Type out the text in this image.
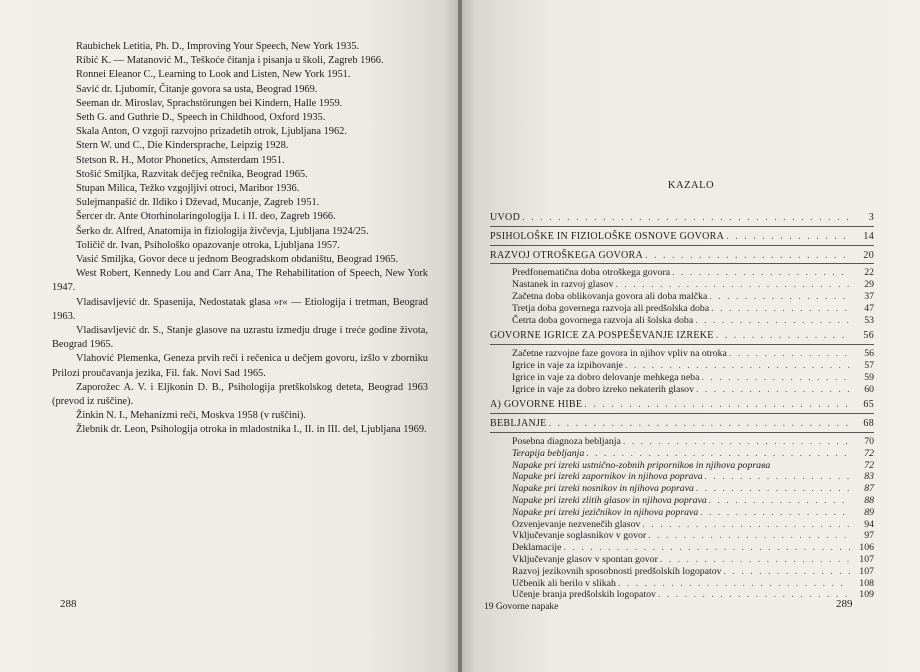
Raubichek Letitia, Ph. D., Improving Your Speech, New York 1935.

Ribić K. — Matanović M., Teškoće čitanja i pisanja u školi, Zagreb 1966.

Ronnei Eleanor C., Learning to Look and Listen, New York 1951.

Savić dr. Ljubomir, Čitanje govora sa usta, Beograd 1969.

Seeman dr. Miroslav, Sprachstörungen bei Kindern, Halle 1959.

Seth G. and Guthrie D., Speech in Childhood, Oxford 1935.

Skala Anton, O vzgoji razvojno prizadetih otrok, Ljubljana 1962.

Stern W. und C., Die Kindersprache, Leipzig 1928.

Stetson R. H., Motor Phonetics, Amsterdam 1951.

Stošić Smiljka, Razvitak dečjeg rečnika, Beograd 1965.

Stupan Milica, Težko vzgojljivi otroci, Maribor 1936.

Sulejmanpašić dr. Ildiko i Dževad, Mucanje, Zagreb 1951.

Šercer dr. Ante Otorhinolaringologija I. i II. deo, Zagreb 1966.

Šerko dr. Alfred, Anatomija in fiziologija živčevja, Ljubljana 1924/25.

Toličič dr. Ivan, Psihološko opazovanje otroka, Ljubljana 1957.

Vasić Smiljka, Govor dece u jednom Beogradskom obdaništu, Beograd 1965.

West Robert, Kennedy Lou and Carr Ana, The Rehabilitation of Speech, New York 1947.

Vladisavljević dr. Spasenija, Nedostatak glasa »r« — Etiologija i tretman, Beograd 1963.

Vladisavljević dr. S., Stanje glasove na uzrastu izmedju druge i treće godine života, Beograd 1965.

Vlahović Plemenka, Geneza prvih reči i rečenica u dečjem govoru, izšlo v zborniku Prilozi proučavanja jezika, Fil. fak. Novi Sad 1965.

Zaporožec A. V. i Eljkonin D. B., Psihologija pretškolskog deteta, Beograd 1963 (prevod iz ruščine).

Žinkin N. I., Mehanizmi reči, Moskva 1958 (v ruščini).

Žlebnik dr. Leon, Psihologija otroka in mladostnika I., II. in III. del, Ljubljana 1969.

288
KAZALO
UVOD . . .	3
PSIHOLOŠKE IN FIZIOLOŠKE OSNOVE GOVORA . . .	14
RAZVOJ OTROŠKEGA GOVORA . . .	20
Predfonematična doba otroškega govora . . .	22
Nastanek in razvoj glasov . . .	29
Začetna doba oblikovanja govora ali doba malčka . . .	37
Tretja doba governega razvoja ali predšolska doba . . .	47
Četrta doba govornega razvoja ali šolska doba . . .	53
GOVORNE IGRICE ZA POSPEŠEVANJE IZREKE . . .	56
Začetne razvojne faze govora in njihov vpliv na otroka . . .	56
Igrice in vaje za izpihovanje . . .	57
Igrice in vaje za dobro delovanje mehkega neba . . .	59
Igrice in vaje za dobro izreko nekaterih glasov . . .	60
A) GOVORNE HIBE . . .	65
BEBLJANJE . . .	68
Posebna diagnoza bebljanja . . .	70
Terapija bebljanja . . .	72
Napake pri izreki ustnično-zobnih pripornikoв in njihova popraвa	72
Napake pri izreki zapornikov in njihova poprava . . .	83
Napake pri izreki nosnikov in njihova poprava . . .	87
Napake pri izreki zlitih glasov in njihova poprava . . .	88
Napake pri izreki jezičnikov in njihova poprava . . .	89
Ozvenjevanje nezvenečih glasov . . .	94
Vključevanje soglasnikov v govor . . .	97
Deklamacije . . .	106
Vključevanje glasov v spontan govor . . .	107
Razvoj jezikovnih sposobnosti predšolskih logopatov . . .	107
Učbenik ali berilo v slikah . . .	108
Učenje branja predšolskih logopatov . . .	109
19 Govorne napake	289
